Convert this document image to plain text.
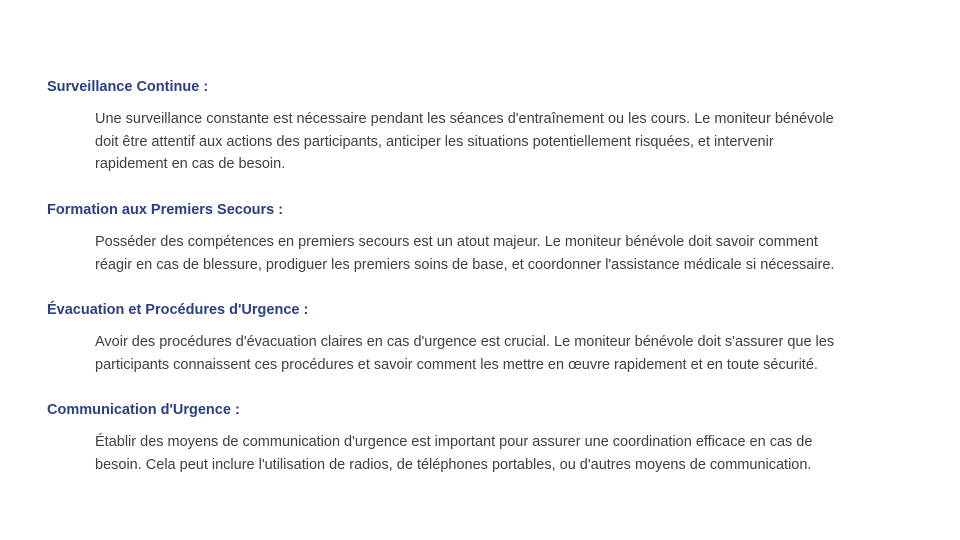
Surveillance Continue :

Une surveillance constante est nécessaire pendant les séances d'entraînement ou les cours. Le moniteur bénévole
doit être attentif aux actions des participants, anticiper les situations potentiellement risquées, et intervenir
rapidement en cas de besoin.

Formation aux Premiers Secours :

Posséder des compétences en premiers secours est un atout majeur. Le moniteur bénévole doit savoir comment
réagir en cas de blessure, prodiguer les premiers soins de base, et coordonner l'assistance médicale si nécessaire.

Évacuation et Procédures d'Urgence :

Avoir des procédures d'évacuation claires en cas d'urgence est crucial. Le moniteur bénévole doit s'assurer que les
participants connaissent ces procédures et savoir comment les mettre en œuvre rapidement et en toute sécurité.

Communication d'Urgence :

Établir des moyens de communication d'urgence est important pour assurer une coordination efficace en cas de
besoin. Cela peut inclure l'utilisation de radios, de téléphones portables, ou d'autres moyens de communication.
